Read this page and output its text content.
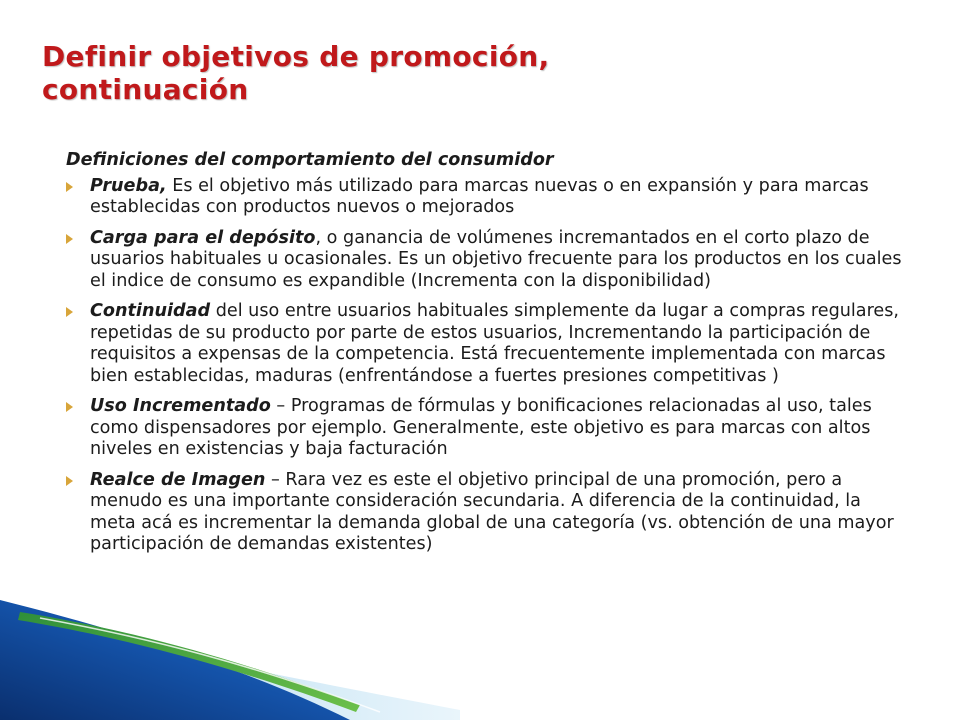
Definir objetivos de promoción,
continuación
Definiciones del comportamiento del consumidor
Prueba, Es el objetivo más utilizado para marcas nuevas o en expansión y para marcas establecidas con productos nuevos o mejorados
Carga para el depósito, o ganancia de volúmenes incremantados en el corto plazo de usuarios habituales u ocasionales. Es un objetivo frecuente para los productos en los cuales el indice de consumo es expandible (Incrementa con la disponibilidad)
Continuidad del uso entre usuarios habituales simplemente da lugar a compras regulares, repetidas de su producto por parte de estos usuarios, Incrementando la participación de requisitos a expensas de la competencia. Está frecuentemente implementada con marcas bien establecidas, maduras (enfrentándose a fuertes presiones competitivas )
Uso Incrementado – Programas de fórmulas y bonificaciones relacionadas al uso, tales como dispensadores por ejemplo. Generalmente, este objetivo es para marcas con altos niveles en existencias y baja facturación
Realce de Imagen – Rara vez es este el objetivo principal de una promoción, pero a menudo es una importante consideración secundaria. A diferencia de la continuidad, la meta acá es incrementar la demanda global de una categoría (vs. obtención de una mayor participación de demandas existentes)
